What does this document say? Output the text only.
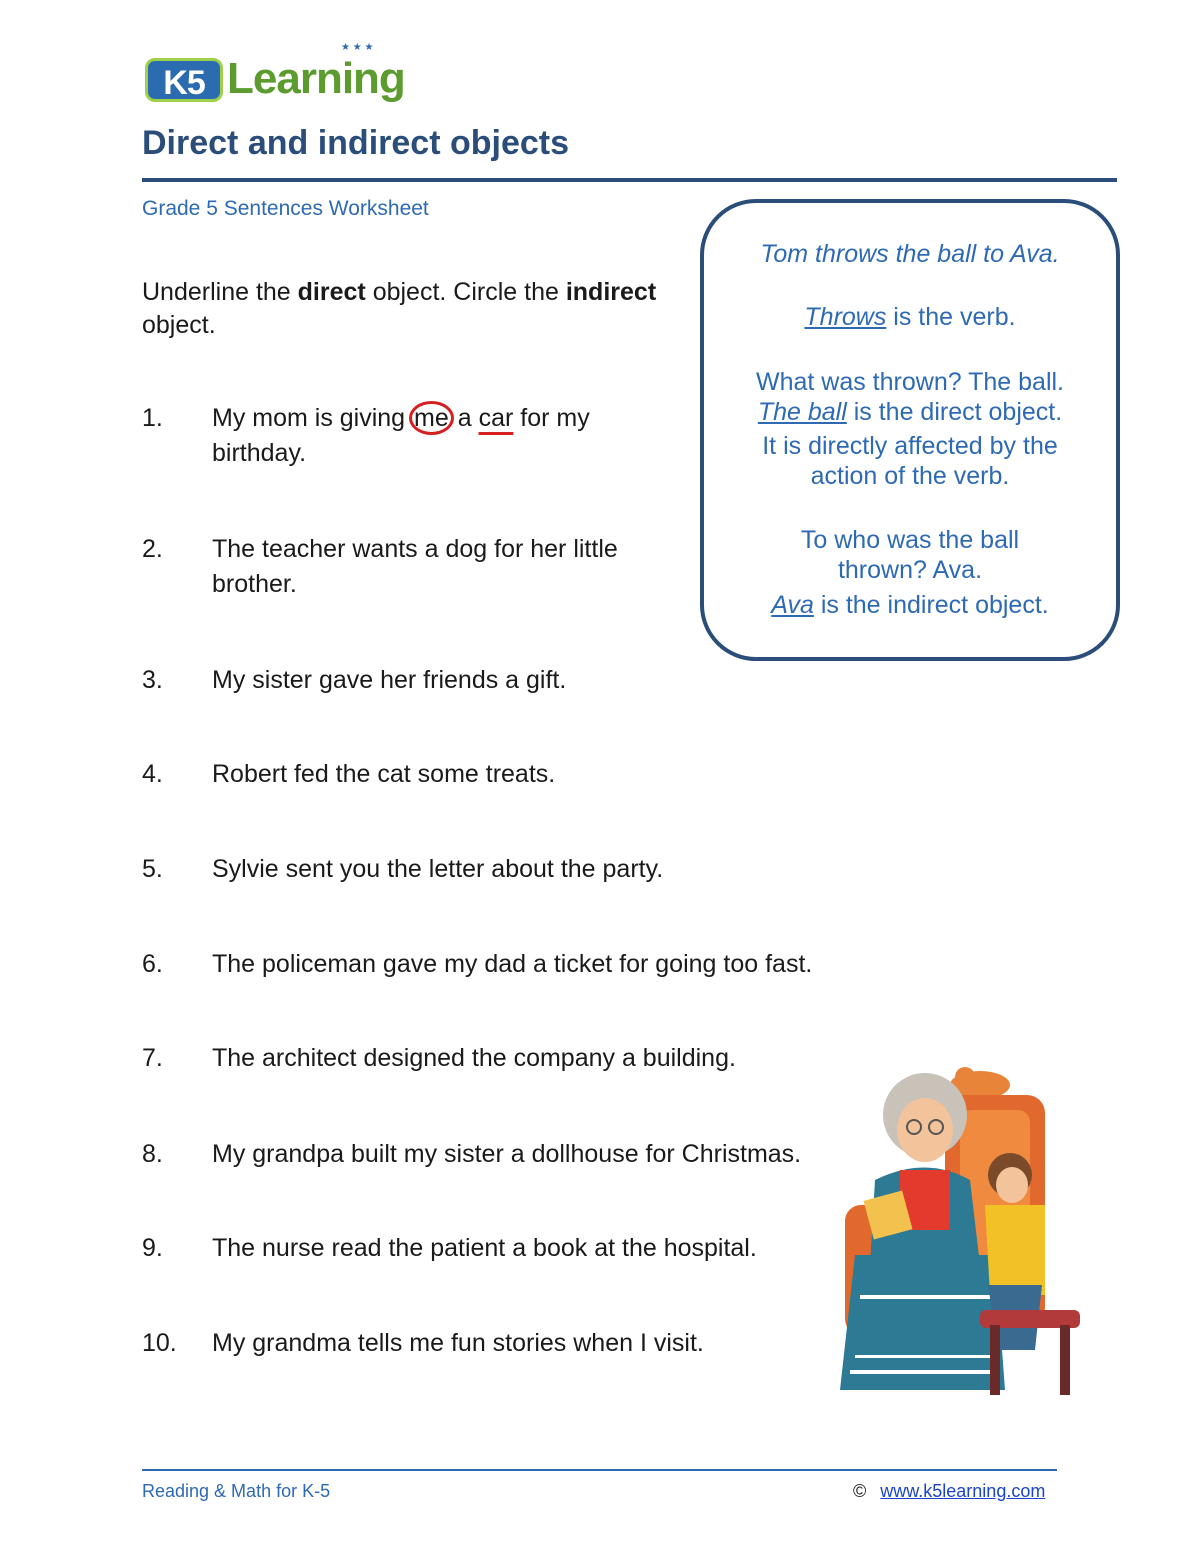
K5 Learning
★ ★ ★
Direct and indirect objects
Grade 5 Sentences Worksheet
Underline the direct object. Circle the indirect object.
1. My mom is giving me a car for my birthday.
2. The teacher wants a dog for her little brother.
3. My sister gave her friends a gift.
4. Robert fed the cat some treats.
5. Sylvie sent you the letter about the party.
6. The policeman gave my dad a ticket for going too fast.
7. The architect designed the company a building.
8. My grandpa built my sister a dollhouse for Christmas.
9. The nurse read the patient a book at the hospital.
10. My grandma tells me fun stories when I visit.
Tom throws the ball to Ava.
Throws is the verb.
What was thrown? The ball.
The ball is the direct object.
It is directly affected by the
action of the verb.
To who was the ball
thrown? Ava.
Ava is the indirect object.
Reading & Math for K-5	© www.k5learning.com
